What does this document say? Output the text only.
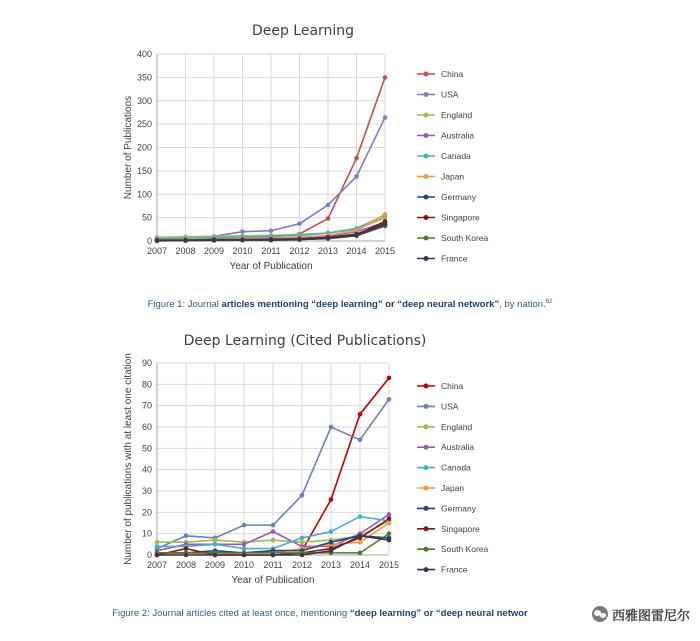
0
50
100
150
200
250
300
350
400
2007 2008 2009 2010 2011 2012 2013 2014 2015
Deep Learning
Year of Publication
Number of Publications
China
USA
England
Australia
Canada
Japan
Germany
Singapore
South Korea
France
Figure 1: Journal articles mentioning “deep learning” or “deep neural network”, by nation.$^{62}$
0
10
20
30
40
50
60
70
80
90
2007 2008 2009 2010 2011 2012 2013 2014 2015
Deep Learning (Cited Publications)
Year of Publication
Number of publications with at least one citation	China
USA
England
Australia
Canada
Japan
Germany
Singapore
South Korea
France
Figure 2: Journal articles cited at least once, mentioning “deep learning” or “deep neural networ	西雅图雷尼尔
